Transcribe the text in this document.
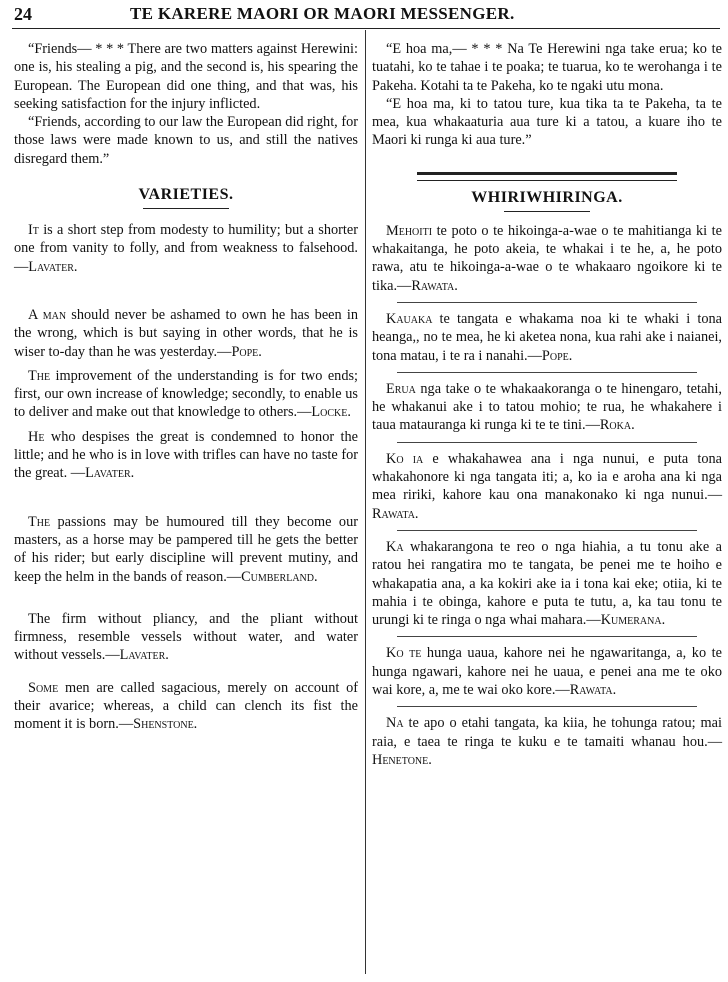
24	TE KARERE MAORI OR MAORI MESSENGER.

“Friends— * * * There are two matters against Herewini: one is, his stealing a pig, and the second is, his spearing the European. The European did one thing, and that was, his seeking satisfaction for the injury inflicted.

“Friends, according to our law the European did right, for those laws were made known to us, and still the natives disregard them.”

VARIETIES.

It is a short step from modesty to humility; but a shorter one from vanity to folly, and from weakness to falsehood.—Lavater.

A man should never be ashamed to own he has been in the wrong, which is but saying in other words, that he is wiser to-day than he was yesterday.—Pope.

The improvement of the understanding is for two ends; first, our own increase of knowledge; secondly, to enable us to deliver and make out that knowledge to others.—Locke.

He who despises the great is condemned to honor the little; and he who is in love with trifles can have no taste for the great. —Lavater.

The passions may be humoured till they become our masters, as a horse may be pampered till he gets the better of his rider; but early discipline will prevent mutiny, and keep the helm in the bands of reason.—Cumberland.

The firm without pliancy, and the pliant without firmness, resemble vessels without water, and water without vessels.—Lavater.

Some men are called sagacious, merely on account of their avarice; whereas, a child can clench its fist the moment it is born.—Shenstone.

“E hoa ma,— * * * Na Te Herewini nga take erua; ko te tuatahi, ko te tahae i te poaka; te tuarua, ko te werohanga i te Pakeha. Kotahi ta te Pakeha, ko te ngaki utu mona.

“E hoa ma, ki to tatou ture, kua tika ta te Pakeha, ta te mea, kua whakaaturia aua ture ki a tatou, a kuare iho te Maori ki runga ki aua ture.”

WHIRIWHIRINGA.

Mehoiti te poto o te hikoinga-a-wae o te mahitianga ki te whakaitanga, he poto akeia, te whakai i te he, a, he poto rawa, atu te hikoinga-a-wae o te whakaaro ngoikore ki te tika.—Rawata.

Kauaka te tangata e whakama noa ki te whaki i tona heanga,, no te mea, he ki aketea nona, kua rahi ake i naianei, tona matau, i te ra i nanahi.—Pope.

Erua nga take o te whakaakoranga o te hinengaro, tetahi, he whakanui ake i to tatou mohio; te rua, he whakahere i taua matauranga ki runga ki te te tini.—Roka.

Ko ia e whakahawea ana i nga nunui, e puta tona whakahonore ki nga tangata iti; a, ko ia e aroha ana ki nga mea ririki, kahore kau ona manakonako ki nga nunui.—Rawata.

Ka whakarangona te reo o nga hiahia, a tu tonu ake a ratou hei rangatira mo te tangata, be penei me te hoiho e whakapatia ana, a ka kokiri ake ia i tona kai eke; otiia, ki te mahia i te obinga, kahore e puta te tutu, a, ka tau tonu te urungi ki te ringa o nga whai mahara.—Kumerana.

Ko te hunga uaua, kahore nei he ngawaritanga, a, ko te hunga ngawari, kahore nei he uaua, e penei ana me te oko wai kore, a, me te wai oko kore.—Rawata.

Na te apo o etahi tangata, ka kiia, he tohunga ratou; mai raia, e taea te ringa te kuku e te tamaiti whanau hou.—Henetone.
